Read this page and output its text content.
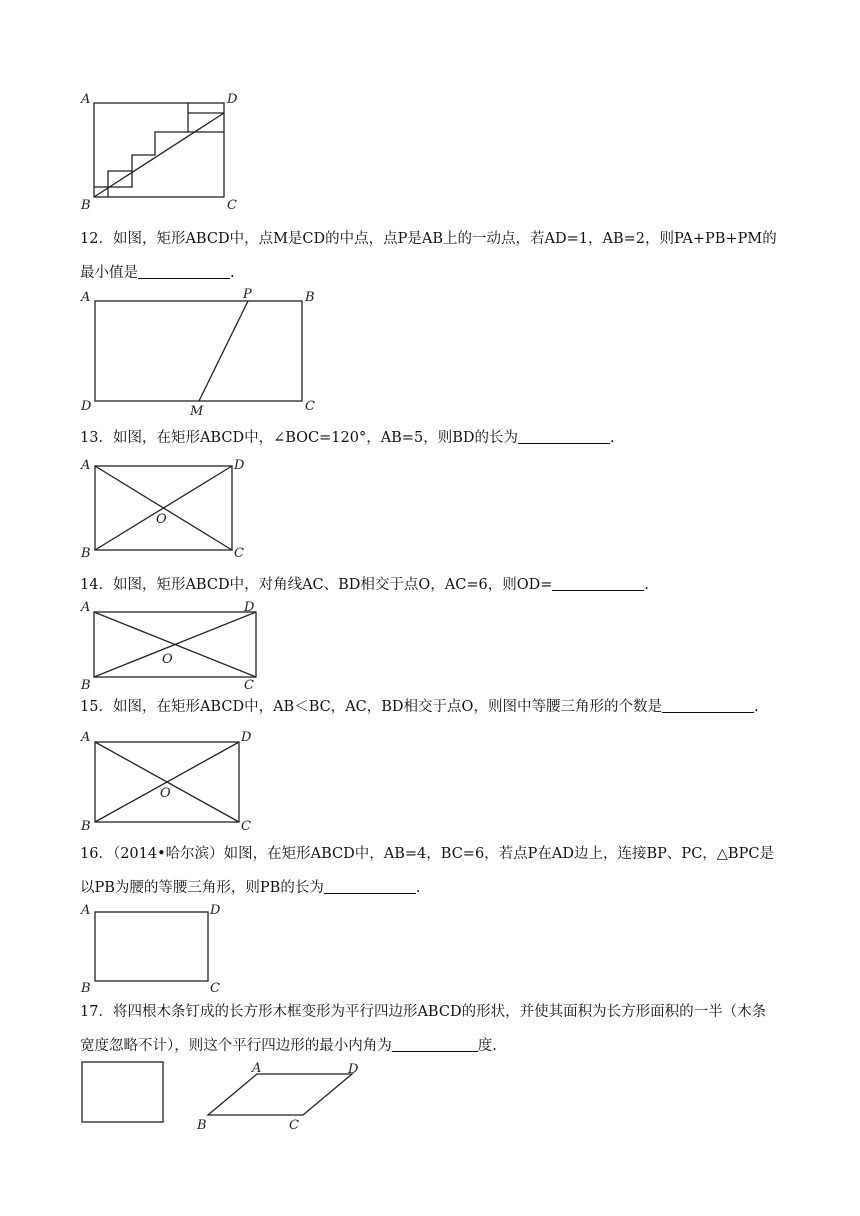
A	D
B	C

12．如图，矩形ABCD中，点M是CD的中点，点P是AB上的一动点，若AD=1，AB=2，则PA+PB+PM的最小值是	.

A	P	B
D	M	C

13．如图，在矩形ABCD中，∠BOC=120°，AB=5，则BD的长为	.

A	D
O
B	C

14．如图，矩形ABCD中，对角线AC、BD相交于点O，AC=6，则OD=	.

A	D
O
B	C

15．如图，在矩形ABCD中，AB＜BC，AC，BD相交于点O，则图中等腰三角形的个数是	.

A	D
O
B	C

16．（2014•哈尔滨）如图，在矩形ABCD中，AB=4，BC=6，若点P在AD边上，连接BP、PC，△BPC是以PB为腰的等腰三角形，则PB的长为	.

A	D
B	C

17．将四根木条钉成的长方形木框变形为平行四边形ABCD的形状，并使其面积为长方形面积的一半（木条宽度忽略不计），则这个平行四边形的最小内角为	度.

A	D
B	C
